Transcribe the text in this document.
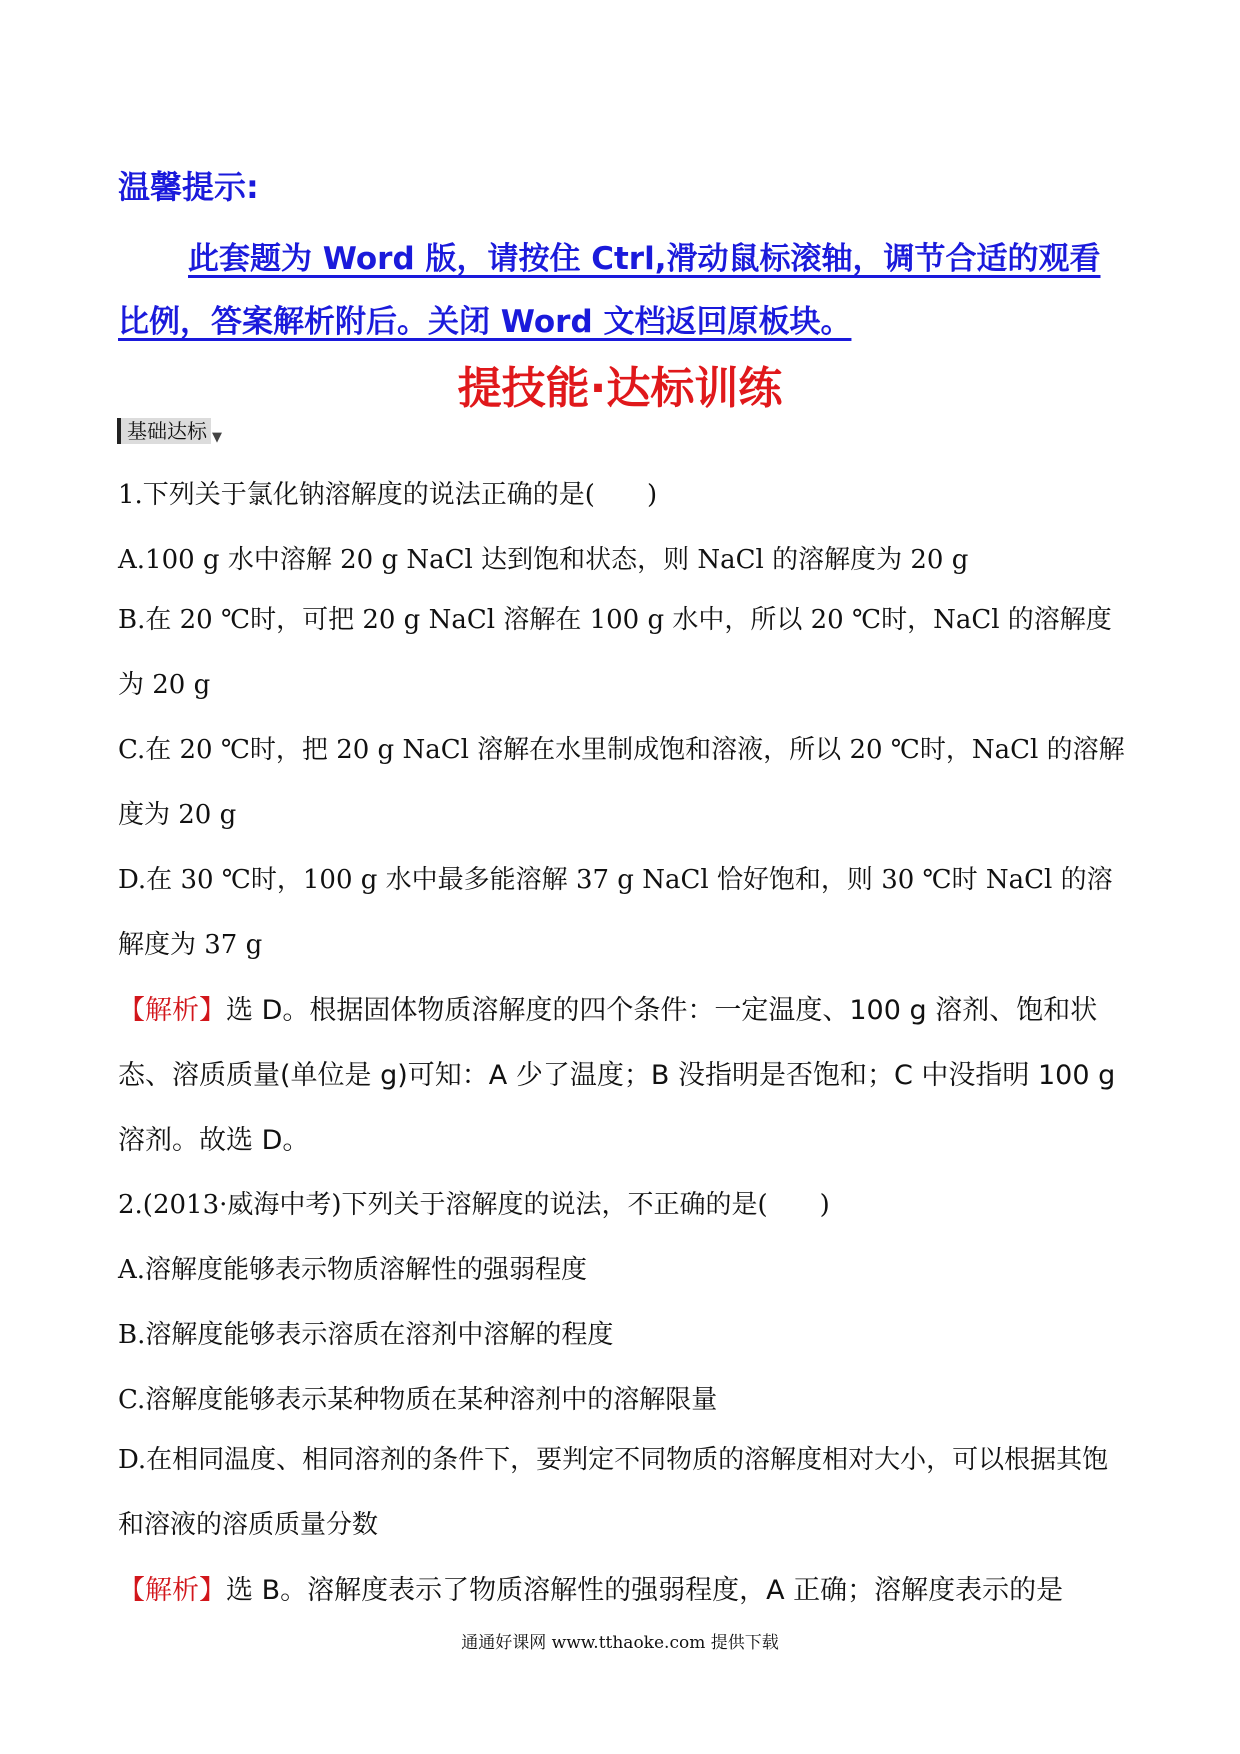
温馨提示:
此套题为 Word 版，请按住 Ctrl,滑动鼠标滚轴，调节合适的观看比例，答案解析附后。关闭 Word 文档返回原板块。
提技能·达标训练
基础达标 ▼
1.下列关于氯化钠溶解度的说法正确的是(　　)
A.100 g 水中溶解 20 g NaCl 达到饱和状态，则 NaCl 的溶解度为 20 g
B.在 20 ℃时，可把 20 g NaCl 溶解在 100 g 水中，所以 20 ℃时，NaCl 的溶解度为 20 g
C.在 20 ℃时，把 20 g NaCl 溶解在水里制成饱和溶液，所以 20 ℃时，NaCl 的溶解度为 20 g
D.在 30 ℃时，100 g 水中最多能溶解 37 g NaCl 恰好饱和，则 30 ℃时 NaCl 的溶解度为 37 g
【解析】选 D。根据固体物质溶解度的四个条件：一定温度、100 g 溶剂、饱和状态、溶质质量(单位是 g)可知：A 少了温度；B 没指明是否饱和；C 中没指明 100 g 溶剂。故选 D。
2.(2013·威海中考)下列关于溶解度的说法，不正确的是(　　)
A.溶解度能够表示物质溶解性的强弱程度
B.溶解度能够表示溶质在溶剂中溶解的程度
C.溶解度能够表示某种物质在某种溶剂中的溶解限量
D.在相同温度、相同溶剂的条件下，要判定不同物质的溶解度相对大小，可以根据其饱和溶液的溶质质量分数
【解析】选 B。溶解度表示了物质溶解性的强弱程度，A 正确；溶解度表示的是
通通好课网 www.tthaoke.com 提供下载
